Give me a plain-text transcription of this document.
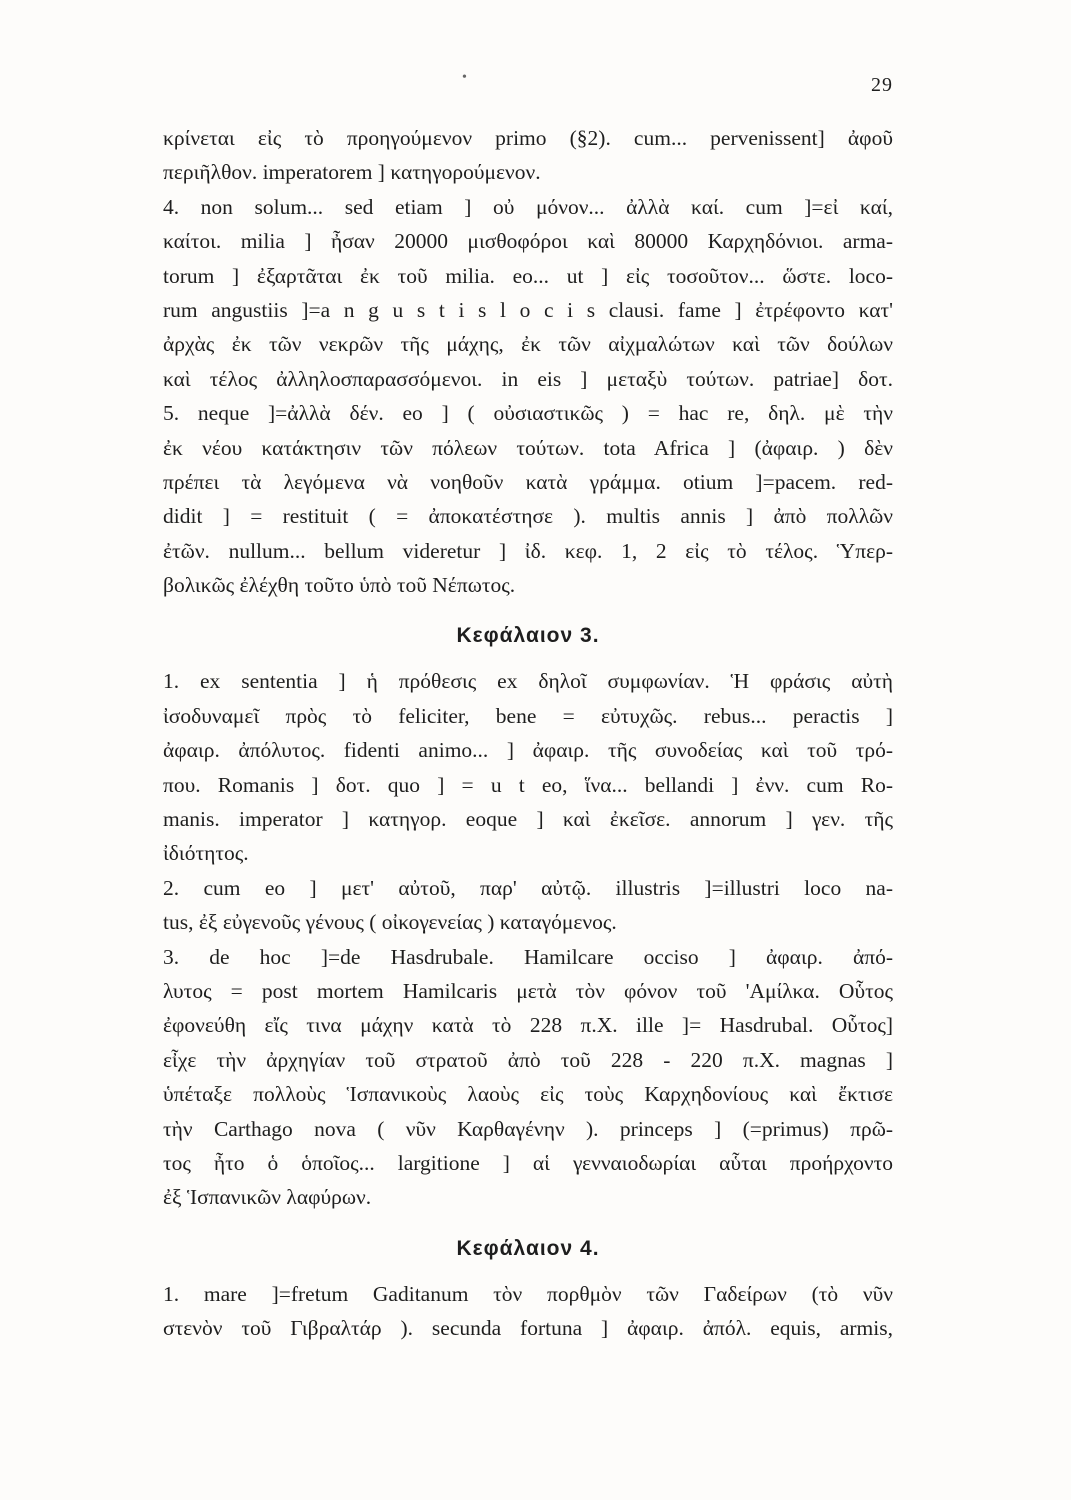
•	29
κρίνεται εἰς τὸ προηγούμενον primo (§2). cum... pervenissent] ἀφοῦ
περιῆλθον. imperatorem ] κατηγορούμενον.
4. non solum... sed etiam ] οὐ μόνον... ἀλλὰ καί. cum ]=εἰ καί,
καίτοι. milia ] ἦσαν 20000 μισθοφόροι καὶ 80000 Καρχηδόνιοι. arma-
torum ] ἐξαρτᾶται ἐκ τοῦ milia. eo... ut ] εἰς τοσοῦτον... ὥστε. loco-
rum angustiis ]=a n g u s t i s l o c i s clausi. fame ] ἐτρέφοντο κατ'
ἀρχὰς ἐκ τῶν νεκρῶν τῆς μάχης, ἐκ τῶν αἰχμαλώτων καὶ τῶν δούλων
καὶ τέλος ἀλληλοσπαρασσόμενοι. in eis ] μεταξὺ τούτων. patriae] δοτ.
5. neque ]=ἀλλὰ δέν. eo ] ( οὐσιαστικῶς ) = hac re, δηλ. μὲ τὴν
ἐκ νέου κατάκτησιν τῶν πόλεων τούτων. tota Africa ] (ἀφαιρ. ) δὲν
πρέπει τὰ λεγόμενα νὰ νοηθοῦν κατὰ γράμμα. otium ]=pacem. red-
didit ] = restituit ( = ἀποκατέστησε ). multis annis ] ἀπὸ πολλῶν
ἐτῶν. nullum... bellum videretur ] ἰδ. κεφ. 1, 2 εἰς τὸ τέλος. Ὑπερ-
βολικῶς ἐλέχθη τοῦτο ὑπὸ τοῦ Νέπωτος.
Κεφάλαιον 3.
1. ex sententia ] ἡ πρόθεσις ex δηλοῖ συμφωνίαν. Ἡ φράσις αὐτὴ
ἰσοδυναμεῖ πρὸς τὸ feliciter, bene = εὐτυχῶς. rebus... peractis ]
ἀφαιρ. ἀπόλυτος. fidenti animo... ] ἀφαιρ. τῆς συνοδείας καὶ τοῦ τρό-
που. Romanis ] δοτ. quo ] = u t eo, ἵνα... bellandi ] ἐνν. cum Ro-
manis. imperator ] κατηγορ. eoque ] καὶ ἐκεῖσε. annorum ] γεν. τῆς
ἰδιότητος.
2. cum eo ] μετ' αὐτοῦ, παρ' αὐτῷ. illustris ]=illustri loco na-
tus, ἐξ εὐγενοῦς γένους ( οἰκογενείας ) καταγόμενος.
3. de hoc ]=de Hasdrubale. Hamilcare occiso ] ἀφαιρ. ἀπό-
λυτος = post mortem Hamilcaris μετὰ τὸν φόνον τοῦ 'Αμίλκα. Οὗτος
ἐφονεύθη εἴς τινα μάχην κατὰ τὸ 228 π.Χ. ille ]= Hasdrubal. Οὗτος]
εἶχε τὴν ἀρχηγίαν τοῦ στρατοῦ ἀπὸ τοῦ 228 - 220 π.Χ. magnas ]
ὑπέταξε πολλοὺς Ἱσπανικοὺς λαοὺς εἰς τοὺς Καρχηδονίους καὶ ἔκτισε
τὴν Carthago nova ( νῦν Καρθαγένην ). princeps ] (=primus) πρῶ-
τος ἦτο ὁ ὁποῖος... largitione ] αἱ γενναιοδωρίαι αὗται προήρχοντο
ἐξ Ἱσπανικῶν λαφύρων.
Κεφάλαιον 4.
1. mare ]=fretum Gaditanum τὸν πορθμὸν τῶν Γαδείρων (τὸ νῦν
στενὸν τοῦ Γιβραλτάρ ). secunda fortuna ] ἀφαιρ. ἀπόλ. equis, armis,
